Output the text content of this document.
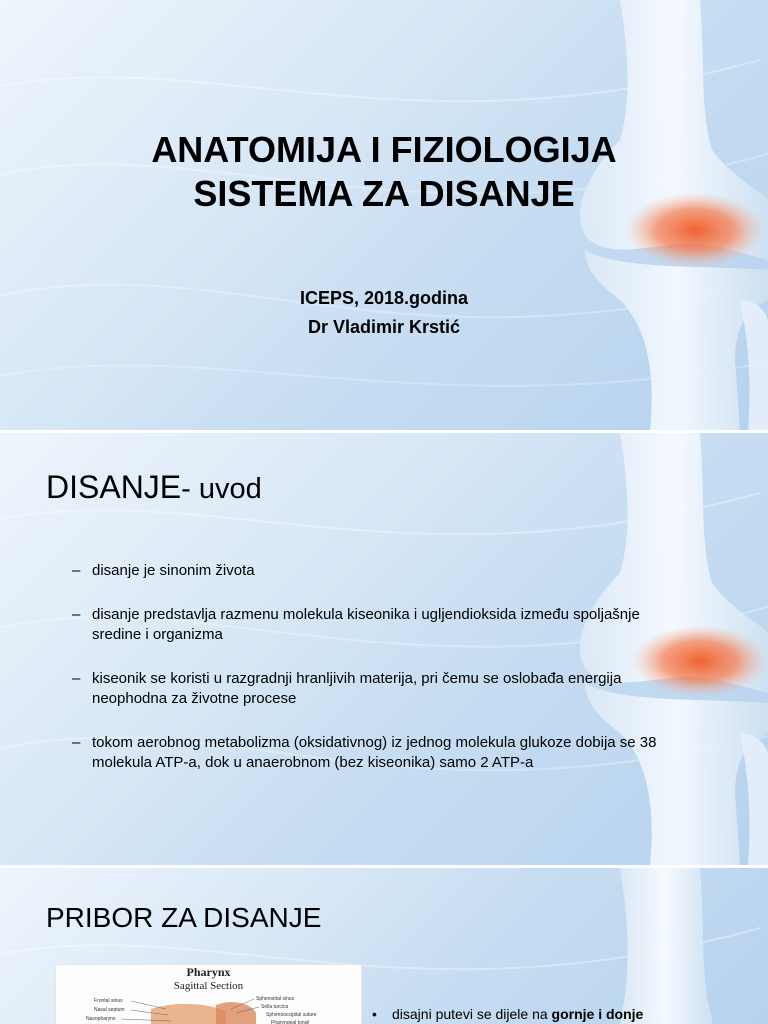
ANATOMIJA I FIZIOLOGIJA
SISTEMA ZA DISANJE
ICEPS, 2018.godina
Dr Vladimir Krstić
DISANJE- uvod
– disanje je sinonim života
– disanje predstavlja razmenu molekula kiseonika i ugljendioksida između spoljašnje sredine i organizma
– kiseonik se koristi u razgradnji hranljivih materija, pri čemu se oslobađa energija neophodna za životne procese
– tokom aerobnog metabolizma (oksidativnog) iz jednog molekula glukoze dobija se 38 molekula ATP-a, dok u anaerobnom (bez kiseonika) samo 2 ATP-a
PRIBOR ZA DISANJE
Pharynx
Sagittal Section
Frontal sinus
Nasal septum
Nasopharynx
Sphenoidal sinus
Sella turcica
Sphenooccipital suture
Pharyngeal tonsil
• disajni putevi se dijele na gornje i donje
